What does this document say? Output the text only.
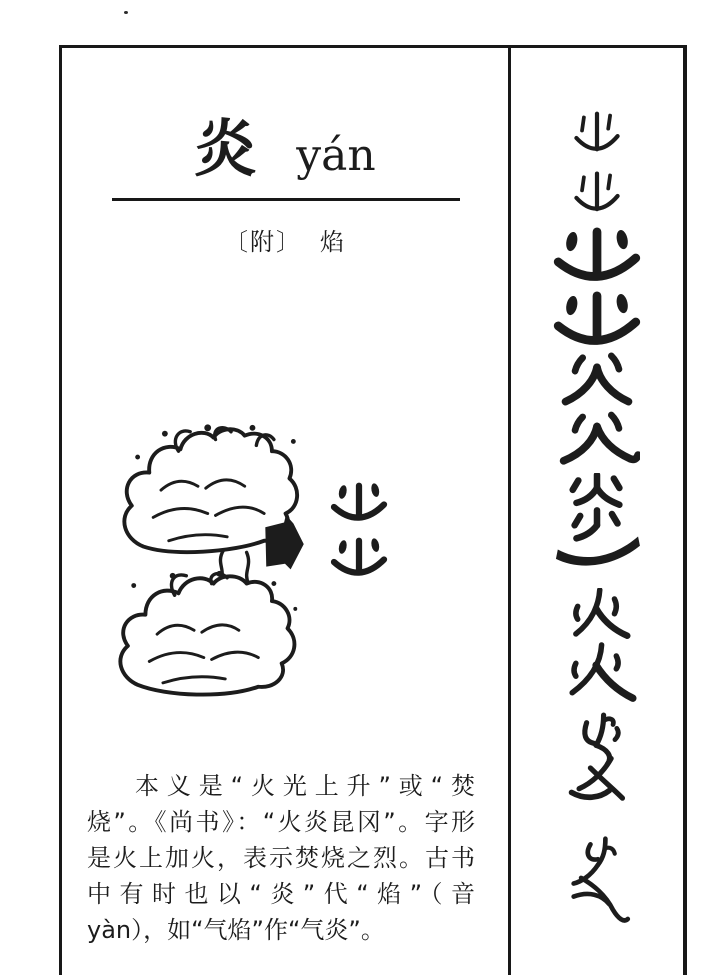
炎 yán
〔附〕 焰
本义是“火光上升”或“焚
烧”。《尚书》：“火炎昆冈”。字形
是火上加火，表示焚烧之烈。古书
中有时也以“炎”代“焰”（音
yàn），如“气焰”作“气炎”。
